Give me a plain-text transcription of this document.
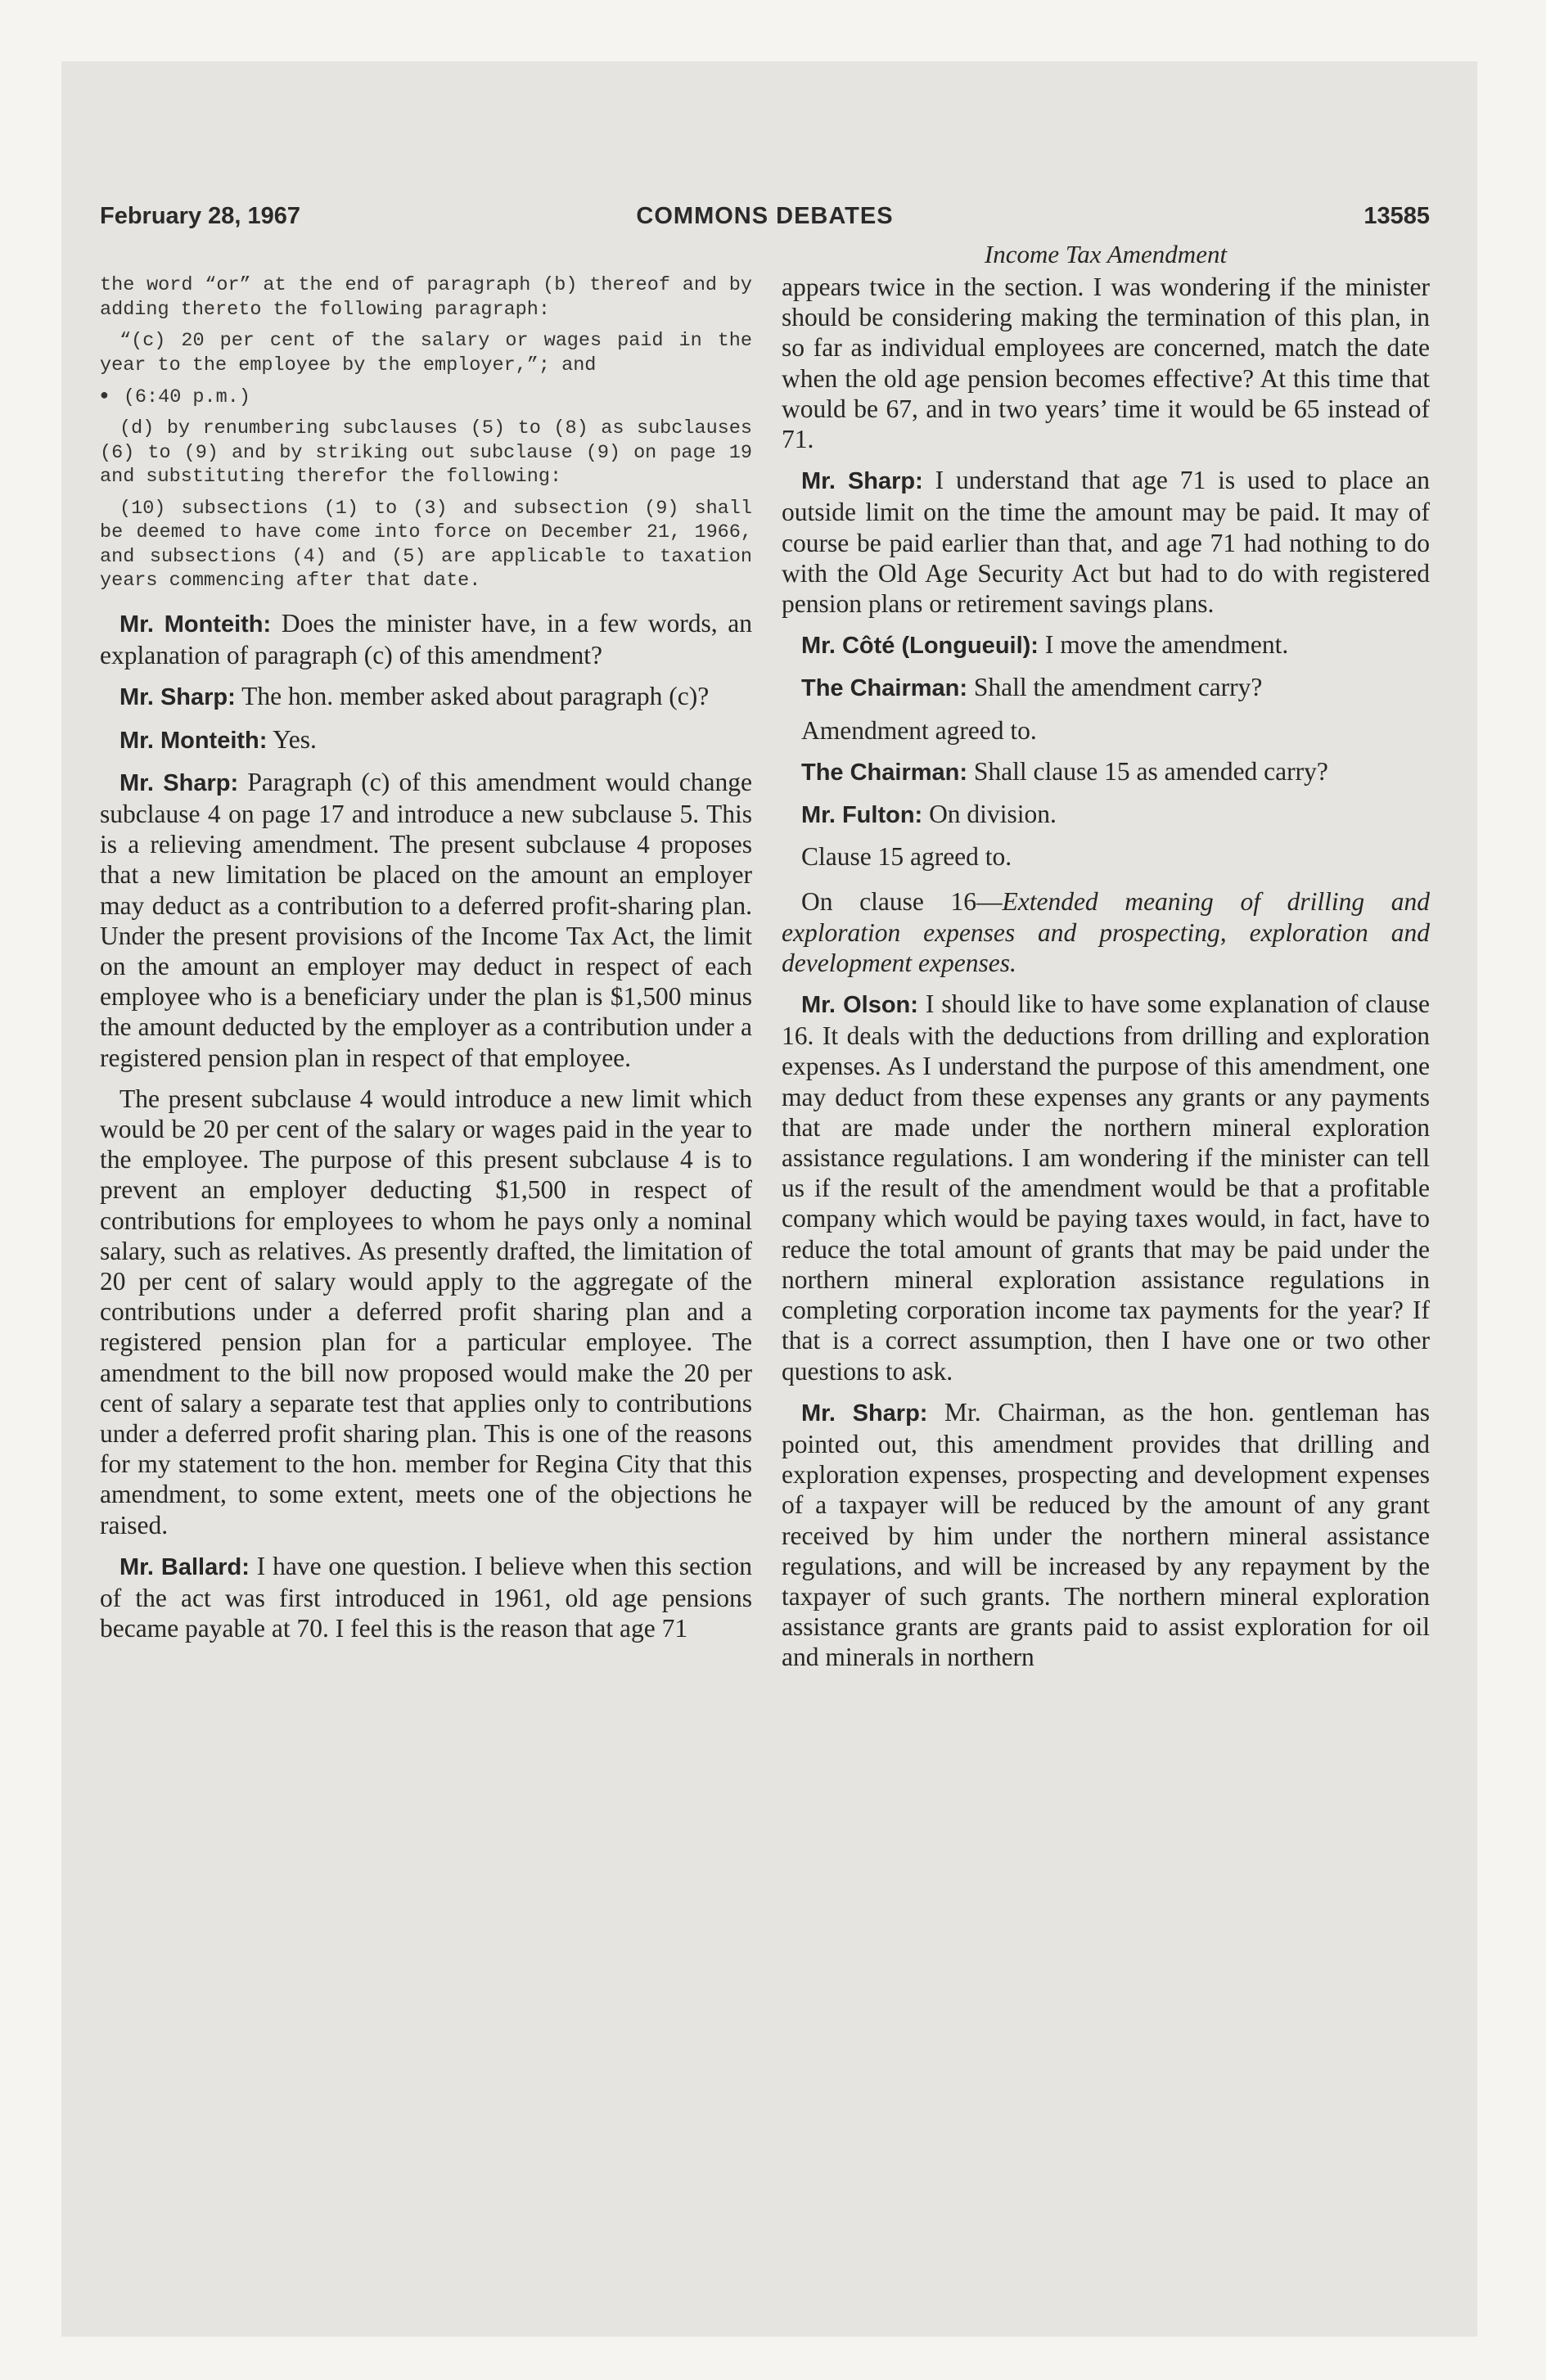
February 28, 1967	COMMONS DEBATES	13585

the word “or” at the end of paragraph (b) thereof and by adding thereto the following paragraph:

“(c) 20 per cent of the salary or wages paid in the year to the employee by the employer,”; and

● (6:40 p.m.)

(d) by renumbering subclauses (5) to (8) as subclauses (6) to (9) and by striking out subclause (9) on page 19 and substituting therefor the following:

(10) subsections (1) to (3) and subsection (9) shall be deemed to have come into force on December 21, 1966, and subsections (4) and (5) are applicable to taxation years commencing after that date.

Mr. Monteith: Does the minister have, in a few words, an explanation of paragraph (c) of this amendment?

Mr. Sharp: The hon. member asked about paragraph (c)?

Mr. Monteith: Yes.

Mr. Sharp: Paragraph (c) of this amendment would change subclause 4 on page 17 and introduce a new subclause 5. This is a relieving amendment. The present subclause 4 proposes that a new limitation be placed on the amount an employer may deduct as a contribution to a deferred profit-sharing plan. Under the present provisions of the Income Tax Act, the limit on the amount an employer may deduct in respect of each employee who is a beneficiary under the plan is $1,500 minus the amount deducted by the employer as a contribution under a registered pension plan in respect of that employee.

The present subclause 4 would introduce a new limit which would be 20 per cent of the salary or wages paid in the year to the employee. The purpose of this present subclause 4 is to prevent an employer deducting $1,500 in respect of contributions for employees to whom he pays only a nominal salary, such as relatives. As presently drafted, the limitation of 20 per cent of salary would apply to the aggregate of the contributions under a deferred profit sharing plan and a registered pension plan for a particular employee. The amendment to the bill now proposed would make the 20 per cent of salary a separate test that applies only to contributions under a deferred profit sharing plan. This is one of the reasons for my statement to the hon. member for Regina City that this amendment, to some extent, meets one of the objections he raised.

Mr. Ballard: I have one question. I believe when this section of the act was first introduced in 1961, old age pensions became payable at 70. I feel this is the reason that age 71

Income Tax Amendment

appears twice in the section. I was wondering if the minister should be considering making the termination of this plan, in so far as individual employees are concerned, match the date when the old age pension becomes effective? At this time that would be 67, and in two years’ time it would be 65 instead of 71.

Mr. Sharp: I understand that age 71 is used to place an outside limit on the time the amount may be paid. It may of course be paid earlier than that, and age 71 had nothing to do with the Old Age Security Act but had to do with registered pension plans or retirement savings plans.

Mr. Côté (Longueuil): I move the amendment.

The Chairman: Shall the amendment carry?

Amendment agreed to.

The Chairman: Shall clause 15 as amended carry?

Mr. Fulton: On division.

Clause 15 agreed to.

On clause 16—Extended meaning of drilling and exploration expenses and prospecting, exploration and development expenses.

Mr. Olson: I should like to have some explanation of clause 16. It deals with the deductions from drilling and exploration expenses. As I understand the purpose of this amendment, one may deduct from these expenses any grants or any payments that are made under the northern mineral exploration assistance regulations. I am wondering if the minister can tell us if the result of the amendment would be that a profitable company which would be paying taxes would, in fact, have to reduce the total amount of grants that may be paid under the northern mineral exploration assistance regulations in completing corporation income tax payments for the year? If that is a correct assumption, then I have one or two other questions to ask.

Mr. Sharp: Mr. Chairman, as the hon. gentleman has pointed out, this amendment provides that drilling and exploration expenses, prospecting and development expenses of a taxpayer will be reduced by the amount of any grant received by him under the northern mineral assistance regulations, and will be increased by any repayment by the taxpayer of such grants. The northern mineral exploration assistance grants are grants paid to assist exploration for oil and minerals in northern
